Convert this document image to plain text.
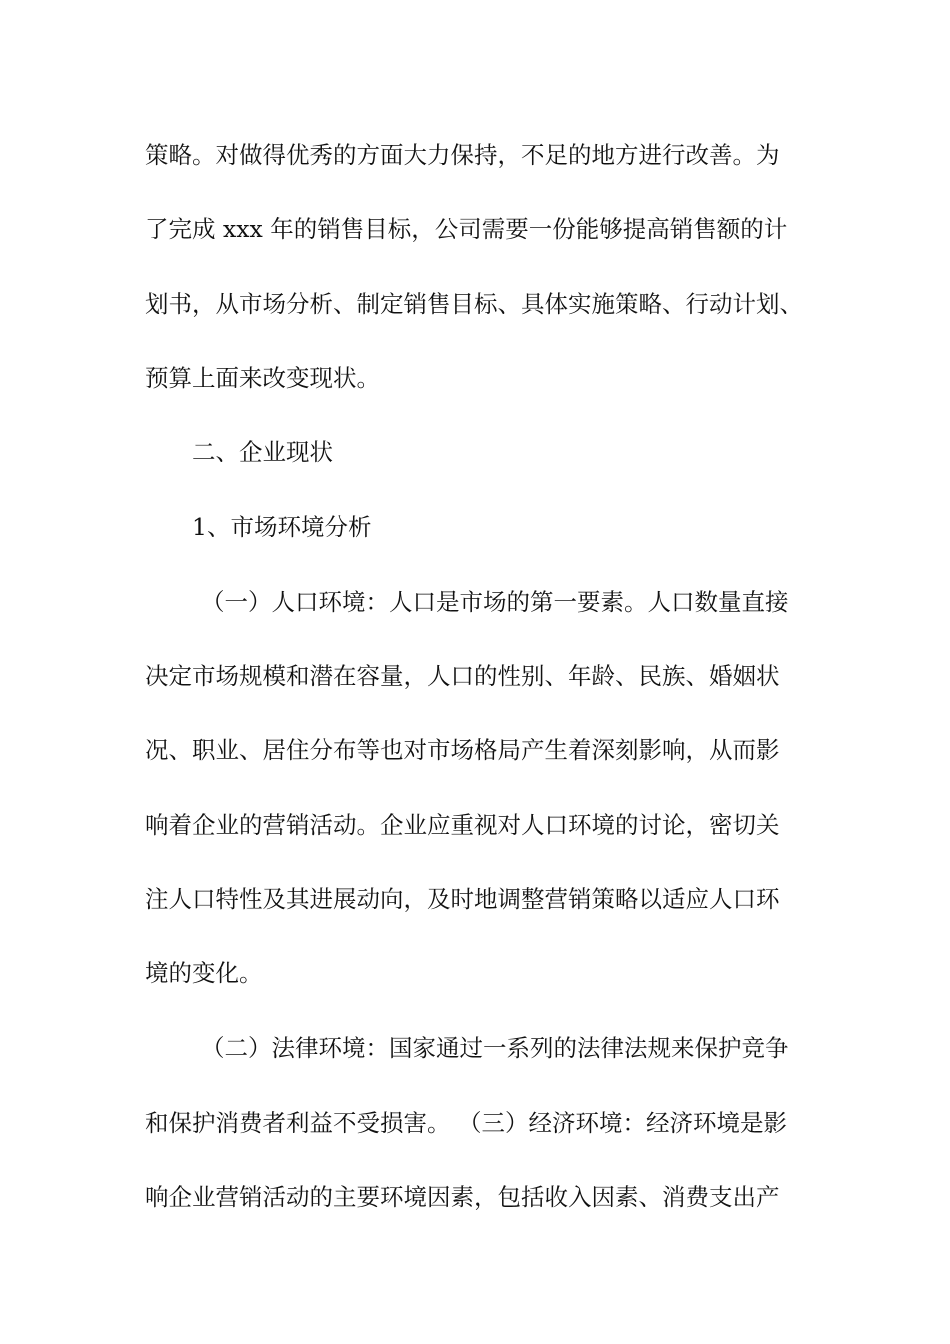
策略。对做得优秀的方面大力保持，不足的地方进行改善。为
了完成 xxx 年的销售目标，公司需要一份能够提高销售额的计
划书，从市场分析、制定销售目标、具体实施策略、行动计划、
预算上面来改变现状。
二、企业现状
1、市场环境分析
（一）人口环境：人口是市场的第一要素。人口数量直接
决定市场规模和潜在容量，人口的性别、年龄、民族、婚姻状
况、职业、居住分布等也对市场格局产生着深刻影响，从而影
响着企业的营销活动。企业应重视对人口环境的讨论，密切关
注人口特性及其进展动向，及时地调整营销策略以适应人口环
境的变化。
（二）法律环境：国家通过一系列的法律法规来保护竞争
和保护消费者利益不受损害。 （三）经济环境：经济环境是影
响企业营销活动的主要环境因素，包括收入因素、消费支出产
